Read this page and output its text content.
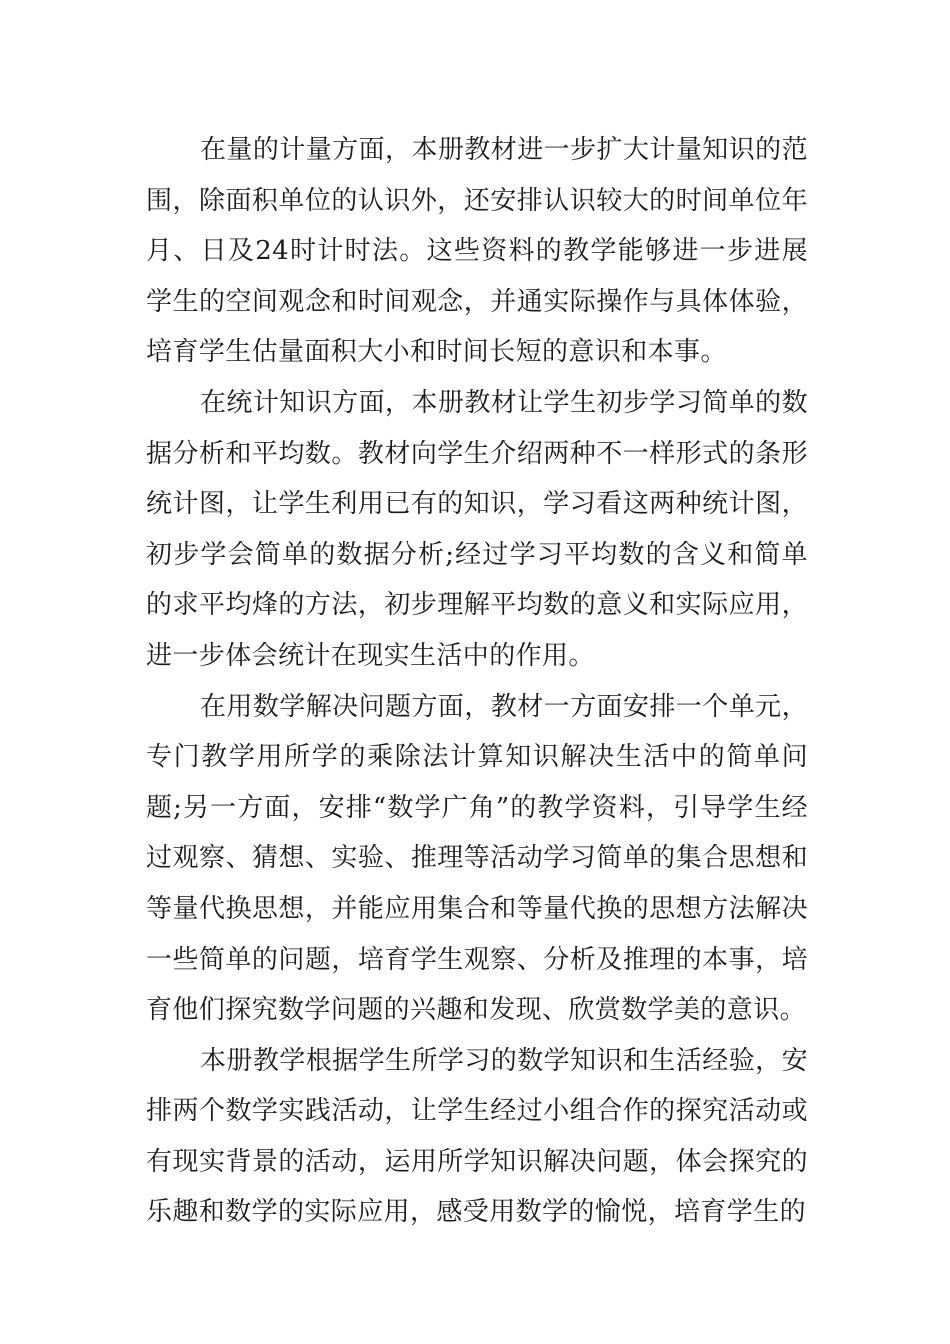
在量的计量方面，本册教材进一步扩大计量知识的范围，除面积单位的认识外，还安排认识较大的时间单位年月、日及24时计时法。这些资料的教学能够进一步进展学生的空间观念和时间观念，并通实际操作与具体体验，培育学生估量面积大小和时间长短的意识和本事。

在统计知识方面，本册教材让学生初步学习简单的数据分析和平均数。教材向学生介绍两种不一样形式的条形统计图，让学生利用已有的知识，学习看这两种统计图，初步学会简单的数据分析;经过学习平均数的含义和简单的求平均烽的方法，初步理解平均数的意义和实际应用，进一步体会统计在现实生活中的作用。

在用数学解决问题方面，教材一方面安排一个单元，专门教学用所学的乘除法计算知识解决生活中的简单问题;另一方面，安排“数学广角”的教学资料，引导学生经过观察、猜想、实验、推理等活动学习简单的集合思想和等量代换思想，并能应用集合和等量代换的思想方法解决一些简单的问题，培育学生观察、分析及推理的本事，培育他们探究数学问题的兴趣和发现、欣赏数学美的意识。

本册教学根据学生所学习的数学知识和生活经验，安排两个数学实践活动，让学生经过小组合作的探究活动或有现实背景的活动，运用所学知识解决问题，体会探究的乐趣和数学的实际应用，感受用数学的愉悦，培育学生的
